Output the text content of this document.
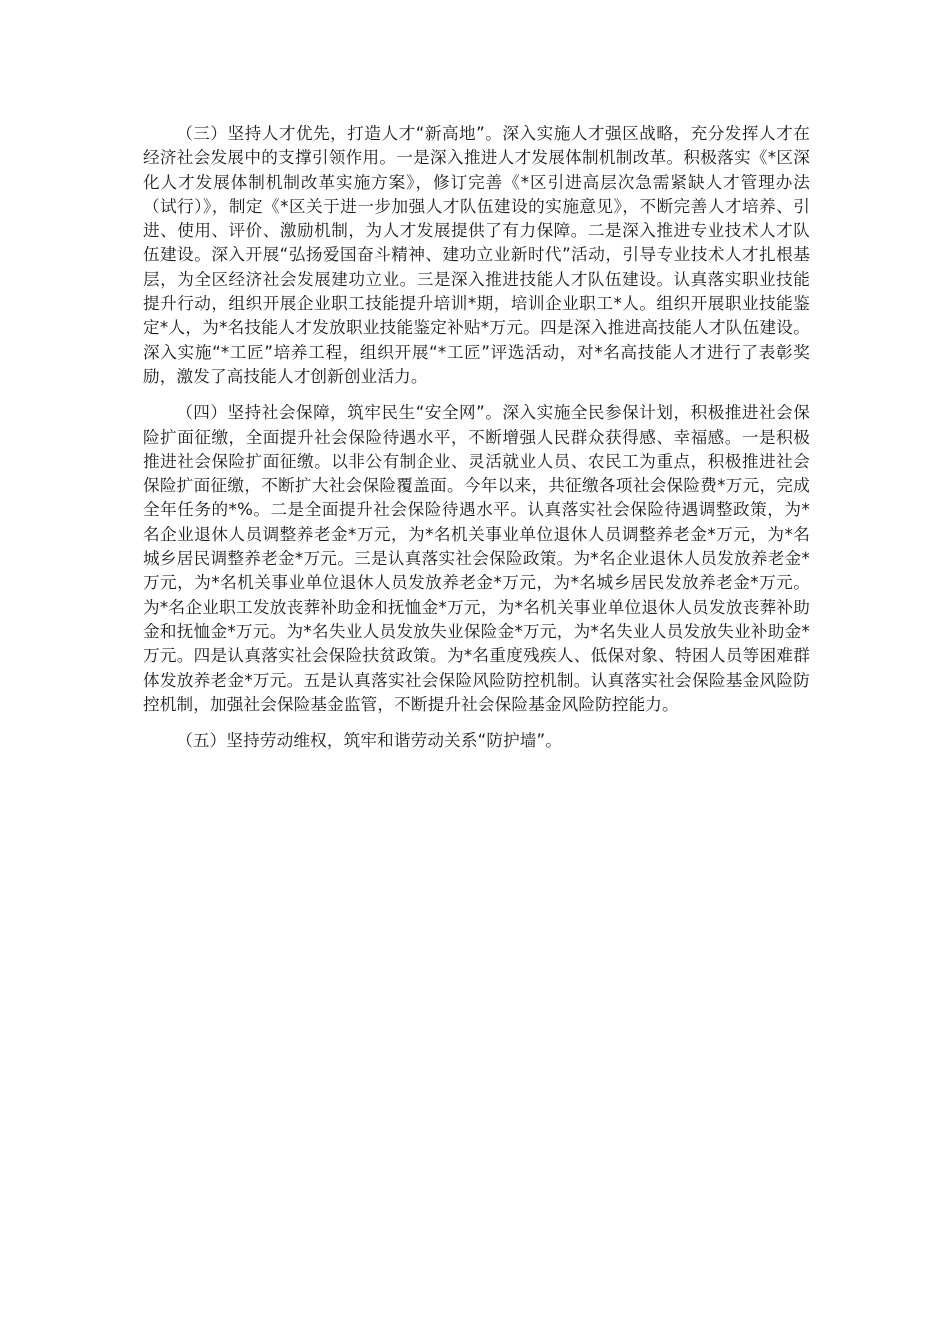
（三）坚持人才优先，打造人才“新高地”。深入实施人才强区战略，充分发挥人才在经济社会发展中的支撑引领作用。一是深入推进人才发展体制机制改革。积极落实《*区深化人才发展体制机制改革实施方案》，修订完善《*区引进高层次急需紧缺人才管理办法（试行）》，制定《*区关于进一步加强人才队伍建设的实施意见》，不断完善人才培养、引进、使用、评价、激励机制，为人才发展提供了有力保障。二是深入推进专业技术人才队伍建设。深入开展“弘扬爱国奋斗精神、建功立业新时代”活动，引导专业技术人才扎根基层，为全区经济社会发展建功立业。三是深入推进技能人才队伍建设。认真落实职业技能提升行动，组织开展企业职工技能提升培训*期，培训企业职工*人。组织开展职业技能鉴定*人，为*名技能人才发放职业技能鉴定补贴*万元。四是深入推进高技能人才队伍建设。深入实施“*工匠”培养工程，组织开展“*工匠”评选活动，对*名高技能人才进行了表彰奖励，激发了高技能人才创新创业活力。

（四）坚持社会保障，筑牢民生“安全网”。深入实施全民参保计划，积极推进社会保险扩面征缴，全面提升社会保险待遇水平，不断增强人民群众获得感、幸福感。一是积极推进社会保险扩面征缴。以非公有制企业、灵活就业人员、农民工为重点，积极推进社会保险扩面征缴，不断扩大社会保险覆盖面。今年以来，共征缴各项社会保险费*万元，完成全年任务的*%。二是全面提升社会保险待遇水平。认真落实社会保险待遇调整政策，为*名企业退休人员调整养老金*万元，为*名机关事业单位退休人员调整养老金*万元，为*名城乡居民调整养老金*万元。三是认真落实社会保险政策。为*名企业退休人员发放养老金*万元，为*名机关事业单位退休人员发放养老金*万元，为*名城乡居民发放养老金*万元。为*名企业职工发放丧葬补助金和抚恤金*万元，为*名机关事业单位退休人员发放丧葬补助金和抚恤金*万元。为*名失业人员发放失业保险金*万元，为*名失业人员发放失业补助金*万元。四是认真落实社会保险扶贫政策。为*名重度残疾人、低保对象、特困人员等困难群体发放养老金*万元。五是认真落实社会保险风险防控机制。认真落实社会保险基金风险防控机制，加强社会保险基金监管，不断提升社会保险基金风险防控能力。

（五）坚持劳动维权，筑牢和谐劳动关系“防护墙”。
